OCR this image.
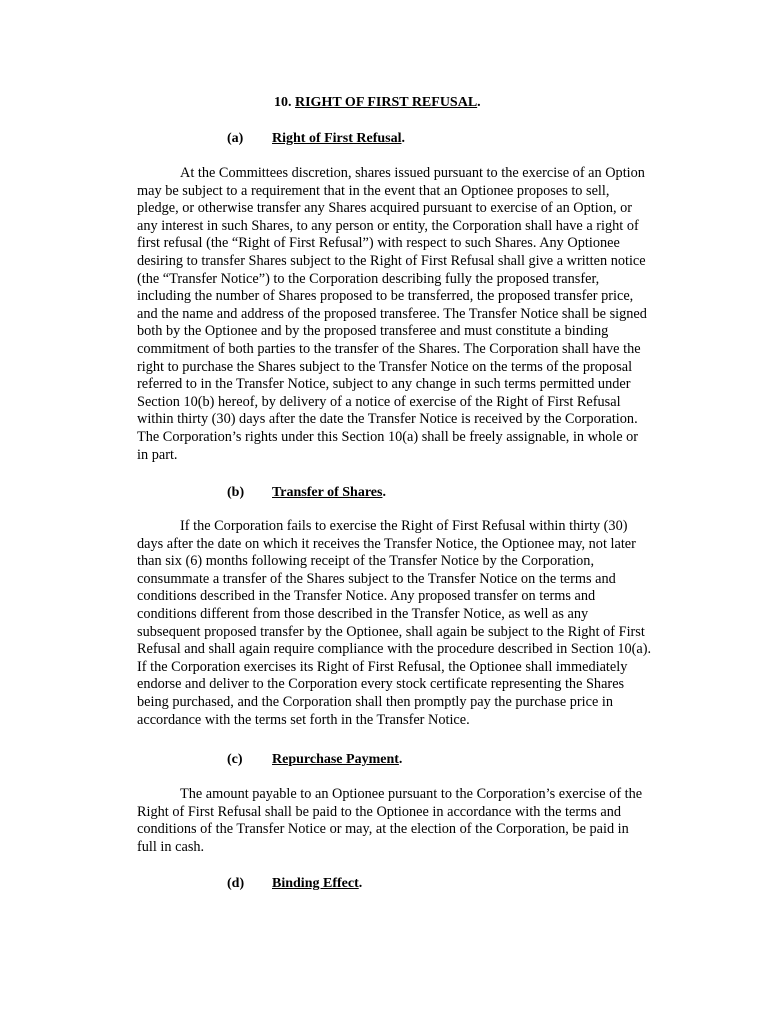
10. RIGHT OF FIRST REFUSAL.
(a) Right of First Refusal.
At the Committees discretion, shares issued pursuant to the exercise of an Option
may be subject to a requirement that in the event that an Optionee proposes to sell,
pledge, or otherwise transfer any Shares acquired pursuant to exercise of an Option, or
any interest in such Shares, to any person or entity, the Corporation shall have a right of
first refusal (the “Right of First Refusal”) with respect to such Shares. Any Optionee
desiring to transfer Shares subject to the Right of First Refusal shall give a written notice
(the “Transfer Notice”) to the Corporation describing fully the proposed transfer,
including the number of Shares proposed to be transferred, the proposed transfer price,
and the name and address of the proposed transferee. The Transfer Notice shall be signed
both by the Optionee and by the proposed transferee and must constitute a binding
commitment of both parties to the transfer of the Shares. The Corporation shall have the
right to purchase the Shares subject to the Transfer Notice on the terms of the proposal
referred to in the Transfer Notice, subject to any change in such terms permitted under
Section 10(b) hereof, by delivery of a notice of exercise of the Right of First Refusal
within thirty (30) days after the date the Transfer Notice is received by the Corporation.
The Corporation’s rights under this Section 10(a) shall be freely assignable, in whole or
in part.
(b) Transfer of Shares.
If the Corporation fails to exercise the Right of First Refusal within thirty (30)
days after the date on which it receives the Transfer Notice, the Optionee may, not later
than six (6) months following receipt of the Transfer Notice by the Corporation,
consummate a transfer of the Shares subject to the Transfer Notice on the terms and
conditions described in the Transfer Notice. Any proposed transfer on terms and
conditions different from those described in the Transfer Notice, as well as any
subsequent proposed transfer by the Optionee, shall again be subject to the Right of First
Refusal and shall again require compliance with the procedure described in Section 10(a).
If the Corporation exercises its Right of First Refusal, the Optionee shall immediately
endorse and deliver to the Corporation every stock certificate representing the Shares
being purchased, and the Corporation shall then promptly pay the purchase price in
accordance with the terms set forth in the Transfer Notice.
(c) Repurchase Payment.
The amount payable to an Optionee pursuant to the Corporation’s exercise of the
Right of First Refusal shall be paid to the Optionee in accordance with the terms and
conditions of the Transfer Notice or may, at the election of the Corporation, be paid in
full in cash.
(d) Binding Effect.
